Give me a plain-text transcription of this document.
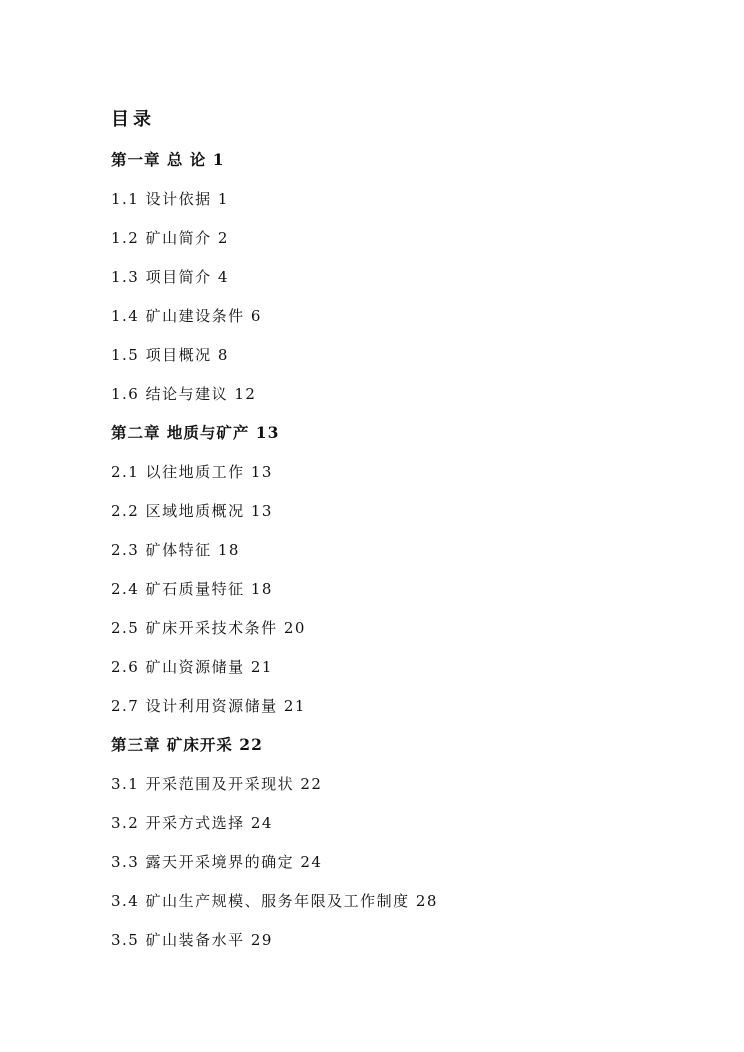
目录
第一章 总 论 1
1.1 设计依据 1
1.2 矿山简介 2
1.3 项目简介 4
1.4 矿山建设条件 6
1.5 项目概况 8
1.6 结论与建议 12
第二章 地质与矿产 13
2.1 以往地质工作 13
2.2 区域地质概况 13
2.3 矿体特征 18
2.4 矿石质量特征 18
2.5 矿床开采技术条件 20
2.6 矿山资源储量 21
2.7 设计利用资源储量 21
第三章 矿床开采 22
3.1 开采范围及开采现状 22
3.2 开采方式选择 24
3.3 露天开采境界的确定 24
3.4 矿山生产规模、服务年限及工作制度 28
3.5 矿山装备水平 29
